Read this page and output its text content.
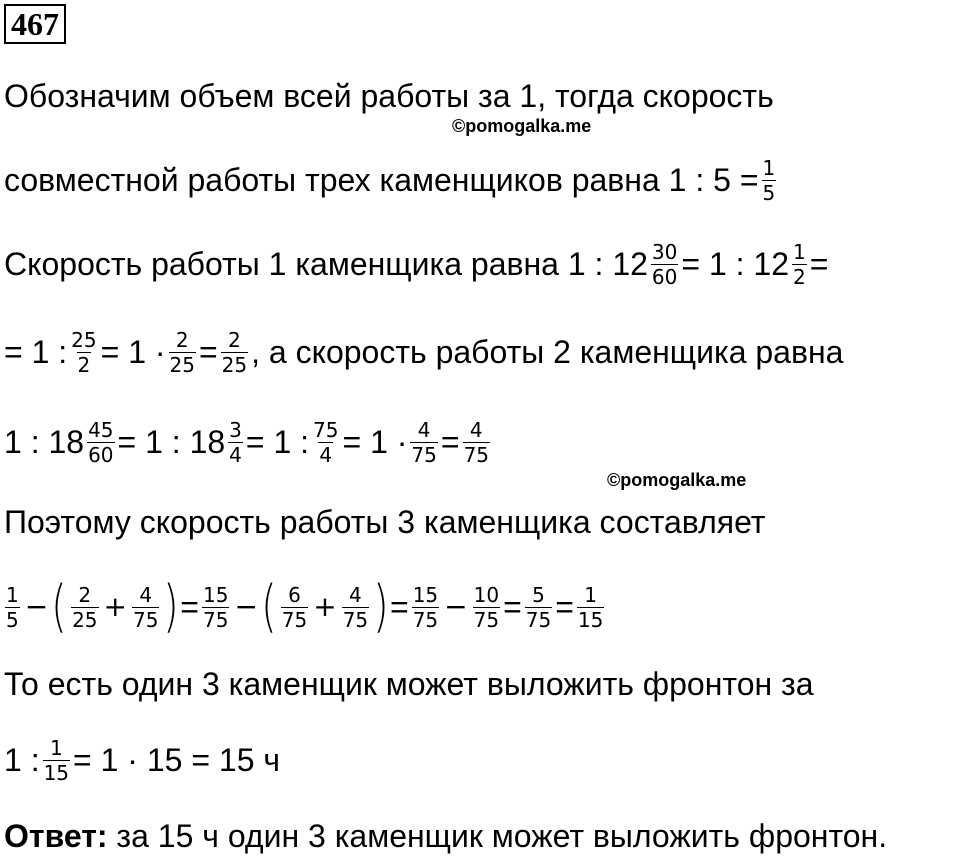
467
Обозначим объем всей работы за 1, тогда скорость
©pomogalka.me
совместной работы трех каменщиков равна 1 : $5 = \frac{1}{5}$
Скорость работы 1 каменщика равна 1 : $12 \frac{30}{60} = 1$ : $12 \frac{1}{2}$ =
= 1 : $\frac{25}{2} = 1 \cdot \frac{2}{25} = \frac{2}{25}$ , а скорость работы 2 каменщика равна
1 : $18 \frac{45}{60} = 1$ : $18 \frac{3}{4} = 1$ : $\frac{75}{4} = 1 \cdot \frac{4}{75} = \frac{4}{75}$
©pomogalka.me
Поэтому скорость работы 3 каменщика составляет
$\frac{1}{5}$ − ( $\frac{2}{25} + \frac{4}{75}$ ) = $\frac{15}{75}$ − ( $\frac{6}{75} + \frac{4}{75}$ ) = $\frac{15}{75} - \frac{10}{75} = \frac{5}{75} = \frac{1}{15}$
То есть один 3 каменщик может выложить фронтон за
1 : $\frac{1}{15} = 1 \cdot 15 = 15$ ч
Ответ: за 15 ч один 3 каменщик может выложить фронтон.
